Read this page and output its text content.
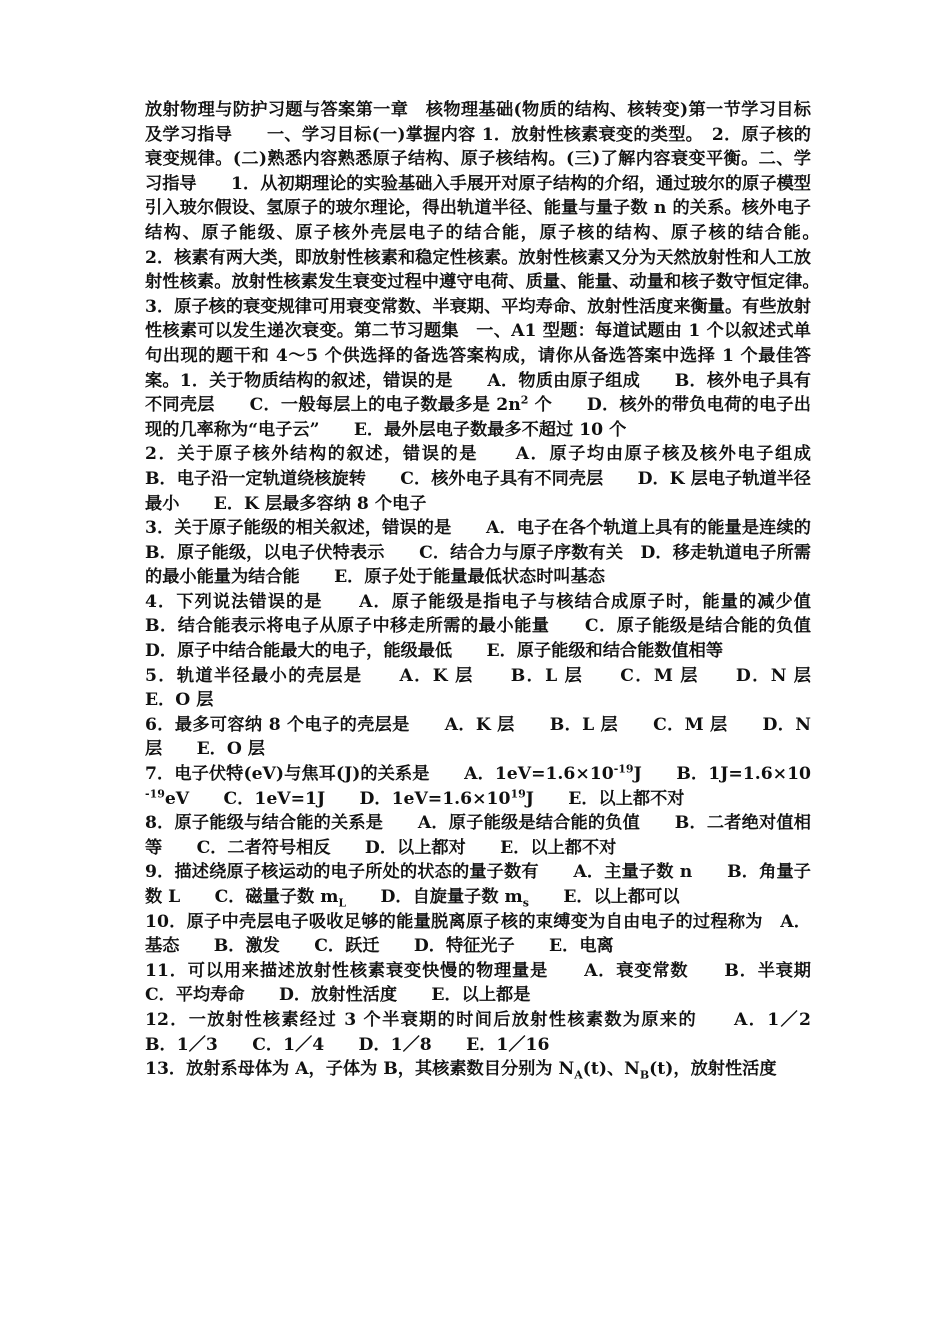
放射物理与防护习题与答案第一章　核物理基础(物质的结构、核转变)第一节学习目标及学习指导　　一、学习目标(一)掌握内容 1．放射性核素衰变的类型。　2．原子核的衰变规律。(二)熟悉内容熟悉原子结构、原子核结构。(三)了解内容衰变平衡。二、学习指导　　1．从初期理论的实验基础入手展开对原子结构的介绍，通过玻尔的原子模型引入玻尔假设、氢原子的玻尔理论，得出轨道半径、能量与量子数 n 的关系。核外电子结构、原子能级、原子核外壳层电子的结合能，原子核的结构、原子核的结合能。　　2．核素有两大类，即放射性核素和稳定性核素。放射性核素又分为天然放射性和人工放射性核素。放射性核素发生衰变过程中遵守电荷、质量、能量、动量和核子数守恒定律。　　3．原子核的衰变规律可用衰变常数、半衰期、平均寿命、放射性活度来衡量。有些放射性核素可以发生递次衰变。第二节习题集　一、A1 型题：每道试题由 1 个以叙述式单句出现的题干和 4～5 个供选择的备选答案构成，请你从备选答案中选择 1 个最佳答案。1．关于物质结构的叙述，错误的是　　A．物质由原子组成　　B．核外电子具有不同壳层　　C．一般每层上的电子数最多是 $2n^2$ 个　　D．核外的带负电荷的电子出现的几率称为“电子云”　　E．最外层电子数最多不超过 10 个

2．关于原子核外结构的叙述，错误的是　　A．原子均由原子核及核外电子组成　　B．电子沿一定轨道绕核旋转　　C．核外电子具有不同壳层　　D．K 层电子轨道半径最小　　E．K 层最多容纳 8 个电子

3．关于原子能级的相关叙述，错误的是　　A．电子在各个轨道上具有的能量是连续的　　B．原子能级，以电子伏特表示　　C．结合力与原子序数有关　D．移走轨道电子所需的最小能量为结合能　　E．原子处于能量最低状态时叫基态

4．下列说法错误的是　　A．原子能级是指电子与核结合成原子时，能量的减少值　　B．结合能表示将电子从原子中移走所需的最小能量　　C．原子能级是结合能的负值　　D．原子中结合能最大的电子，能级最低　　E．原子能级和结合能数值相等

5．轨道半径最小的壳层是　　A．K 层　　B．L 层　　C．M 层　　D．N 层　　E．O 层

6．最多可容纳 8 个电子的壳层是　　A．K 层　　B．L 层　　C．M 层　　D．N 层　　E．O 层

7．电子伏特(eV)与焦耳(J)的关系是　　A．$1eV=1.6\times 10^{-19}J$　　B．$1J=1.6\times 10^{-19}eV$　　C．1eV=1J　　D．$1eV=1.6\times 10^{19}J$　　E．以上都不对

8．原子能级与结合能的关系是　　A．原子能级是结合能的负值　　B．二者绝对值相等　　C．二者符号相反　　D．以上都对　　E．以上都不对

9．描述绕原子核运动的电子所处的状态的量子数有　　A．主量子数 n　　B．角量子数 L　　C．磁量子数 $m_L$　　D．自旋量子数 $m_s$　　E．以上都可以

10．原子中壳层电子吸收足够的能量脱离原子核的束缚变为自由电子的过程称为　A．基态　　B．激发　　C．跃迁　　D．特征光子　　E．电离

11．可以用来描述放射性核素衰变快慢的物理量是　　A．衰变常数　　B．半衰期　　C．平均寿命　　D．放射性活度　　E．以上都是

12．一放射性核素经过 3 个半衰期的时间后放射性核素数为原来的　　A．1／2　　B．1／3　　C．1／4　　D．1／8　　E．1／16

13．放射系母体为 A，子体为 B，其核素数目分别为 $N_A(t)$、$N_B(t)$，放射性活度
